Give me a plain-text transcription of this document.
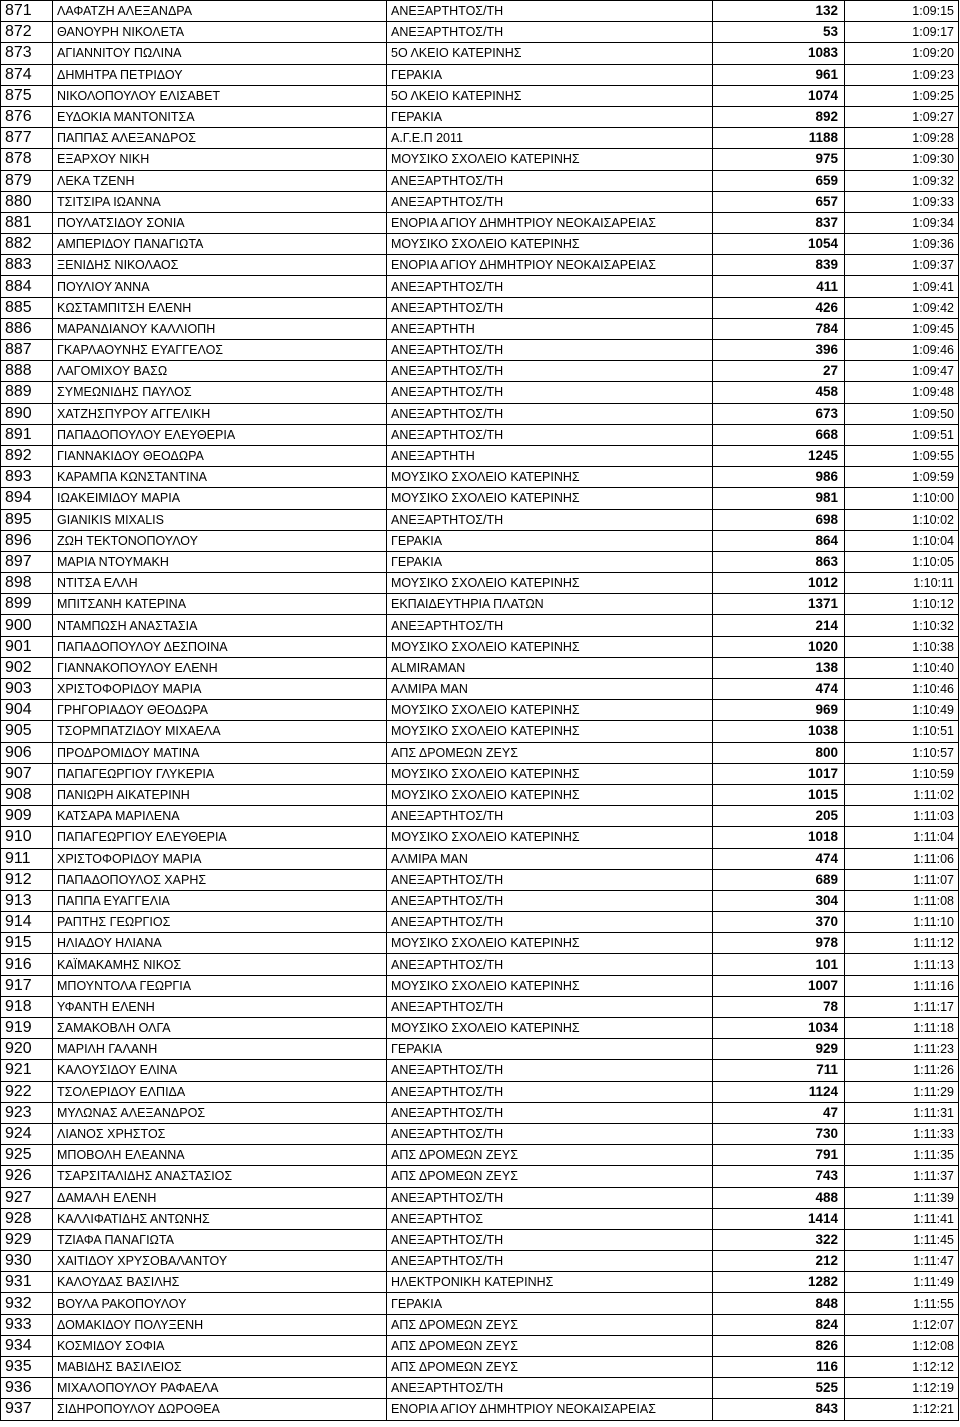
871	ΛΑΦΑΤΖΗ ΑΛΕΞΑΝΔΡΑ	ΑΝΕΞΑΡΤΗΤΟΣ/ΤΗ	132	1:09:15
872	ΘΑΝΟΥΡΗ ΝΙΚΟΛΕΤΑ	ΑΝΕΞΑΡΤΗΤΟΣ/ΤΗ	53	1:09:17
873	ΑΓΙΑΝΝΙΤΟΥ ΠΩΛΙΝΑ	5Ο ΛΚΕΙΟ ΚΑΤΕΡΙΝΗΣ	1083	1:09:20
874	ΔΗΜΗΤΡΑ ΠΕΤΡΙΔΟΥ	ΓΕΡΑΚΙΑ	961	1:09:23
875	ΝΙΚΟΛΟΠΟΥΛΟΥ ΕΛΙΣΑΒΕΤ	5Ο ΛΚΕΙΟ ΚΑΤΕΡΙΝΗΣ	1074	1:09:25
876	ΕΥΔΟΚΙΑ ΜΑΝΤΟΝΙΤΣΑ	ΓΕΡΑΚΙΑ	892	1:09:27
877	ΠΑΠΠΑΣ ΑΛΕΞΑΝΔΡΟΣ	Α.Γ.Ε.Π 2011	1188	1:09:28
878	ΕΞΑΡΧΟΥ ΝΙΚΗ	ΜΟΥΣΙΚΟ ΣΧΟΛΕΙΟ ΚΑΤΕΡΙΝΗΣ	975	1:09:30
879	ΛΕΚΑ ΤΖΕΝΗ	ΑΝΕΞΑΡΤΗΤΟΣ/ΤΗ	659	1:09:32
880	ΤΣΙΤΣΙΡΑ ΙΩΑΝΝΑ	ΑΝΕΞΑΡΤΗΤΟΣ/ΤΗ	657	1:09:33
881	ΠΟΥΛΑΤΣΙΔΟΥ ΣΟΝΙΑ	ΕΝΟΡΙΑ ΑΓΙΟΥ ΔΗΜΗΤΡΙΟΥ ΝΕΟΚΑΙΣΑΡΕΙΑΣ	837	1:09:34
882	ΑΜΠΕΡΙΔΟΥ ΠΑΝΑΓΙΩΤΑ	ΜΟΥΣΙΚΟ ΣΧΟΛΕΙΟ ΚΑΤΕΡΙΝΗΣ	1054	1:09:36
883	ΞΕΝΙΔΗΣ ΝΙΚΟΛΑΟΣ	ΕΝΟΡΙΑ ΑΓΙΟΥ ΔΗΜΗΤΡΙΟΥ ΝΕΟΚΑΙΣΑΡΕΙΑΣ	839	1:09:37
884	ΠΟΥΛΙΟΥ ΆΝΝΑ	ΑΝΕΞΑΡΤΗΤΟΣ/ΤΗ	411	1:09:41
885	ΚΩΣΤΑΜΠΙΤΣΗ ΕΛΕΝΗ	ΑΝΕΞΑΡΤΗΤΟΣ/ΤΗ	426	1:09:42
886	ΜΑΡΑΝΔΙΑΝΟΥ ΚΑΛΛΙΟΠΗ	ΑΝΕΞΑΡΤΗΤΗ	784	1:09:45
887	ΓΚΑΡΛΑΟΥΝΗΣ ΕΥΑΓΓΕΛΟΣ	ΑΝΕΞΑΡΤΗΤΟΣ/ΤΗ	396	1:09:46
888	ΛΑΓΟΜΙΧΟΥ ΒΑΣΩ	ΑΝΕΞΑΡΤΗΤΟΣ/ΤΗ	27	1:09:47
889	ΣΥΜΕΩΝΙΔΗΣ ΠΑΥΛΟΣ	ΑΝΕΞΑΡΤΗΤΟΣ/ΤΗ	458	1:09:48
890	ΧΑΤΖΗΣΠΥΡΟΥ ΑΓΓΕΛΙΚΗ	ΑΝΕΞΑΡΤΗΤΟΣ/ΤΗ	673	1:09:50
891	ΠΑΠΑΔΟΠΟΥΛΟΥ ΕΛΕΥΘΕΡΙΑ	ΑΝΕΞΑΡΤΗΤΟΣ/ΤΗ	668	1:09:51
892	ΓΙΑΝΝΑΚΙΔΟΥ ΘΕΟΔΩΡΑ	ΑΝΕΞΑΡΤΗΤΗ	1245	1:09:55
893	ΚΑΡΑΜΠΑ ΚΩΝΣΤΑΝΤΙΝΑ	ΜΟΥΣΙΚΟ ΣΧΟΛΕΙΟ ΚΑΤΕΡΙΝΗΣ	986	1:09:59
894	ΙΩΑΚΕΙΜΙΔΟΥ ΜΑΡΙΑ	ΜΟΥΣΙΚΟ ΣΧΟΛΕΙΟ ΚΑΤΕΡΙΝΗΣ	981	1:10:00
895	GIANIKIS MIXALIS	ΑΝΕΞΑΡΤΗΤΟΣ/ΤΗ	698	1:10:02
896	ΖΩΗ ΤΕΚΤΟΝΟΠΟΥΛΟΥ	ΓΕΡΑΚΙΑ	864	1:10:04
897	ΜΑΡΙΑ ΝΤΟΥΜΑΚΗ	ΓΕΡΑΚΙΑ	863	1:10:05
898	ΝΤΙΤΣΑ ΕΛΛΗ	ΜΟΥΣΙΚΟ ΣΧΟΛΕΙΟ ΚΑΤΕΡΙΝΗΣ	1012	1:10:11
899	ΜΠΙΤΣΑΝΗ ΚΑΤΕΡΙΝΑ	ΕΚΠΑΙΔΕΥΤΗΡΙΑ ΠΛΑΤΩΝ	1371	1:10:12
900	ΝΤΑΜΠΩΣΗ ΑΝΑΣΤΑΣΙΑ	ΑΝΕΞΑΡΤΗΤΟΣ/ΤΗ	214	1:10:32
901	ΠΑΠΑΔΟΠΟΥΛΟΥ ΔΕΣΠΟΙΝΑ	ΜΟΥΣΙΚΟ ΣΧΟΛΕΙΟ ΚΑΤΕΡΙΝΗΣ	1020	1:10:38
902	ΓΙΑΝΝΑΚΟΠΟΥΛΟΥ ΕΛΕΝΗ	ALMIRAMAN	138	1:10:40
903	ΧΡΙΣΤΟΦΟΡΙΔΟΥ ΜΑΡΙΑ	ΑΛΜΙΡΑ ΜΑΝ	474	1:10:46
904	ΓΡΗΓΟΡΙΑΔΟΥ ΘΕΟΔΩΡΑ	ΜΟΥΣΙΚΟ ΣΧΟΛΕΙΟ ΚΑΤΕΡΙΝΗΣ	969	1:10:49
905	ΤΣΟΡΜΠΑΤΖΙΔΟΥ ΜΙΧΑΕΛΑ	ΜΟΥΣΙΚΟ ΣΧΟΛΕΙΟ ΚΑΤΕΡΙΝΗΣ	1038	1:10:51
906	ΠΡΟΔΡΟΜΙΔΟΥ ΜΑΤΙΝΑ	ΑΠΣ ΔΡΟΜΕΩΝ ΖΕΥΣ	800	1:10:57
907	ΠΑΠΑΓΕΩΡΓΙΟΥ ΓΛΥΚΕΡΙΑ	ΜΟΥΣΙΚΟ ΣΧΟΛΕΙΟ ΚΑΤΕΡΙΝΗΣ	1017	1:10:59
908	ΠΑΝΙΩΡΗ ΑΙΚΑΤΕΡΙΝΗ	ΜΟΥΣΙΚΟ ΣΧΟΛΕΙΟ ΚΑΤΕΡΙΝΗΣ	1015	1:11:02
909	ΚΑΤΣΑΡΑ ΜΑΡΙΛΕΝΑ	ΑΝΕΞΑΡΤΗΤΟΣ/ΤΗ	205	1:11:03
910	ΠΑΠΑΓΕΩΡΓΙΟΥ ΕΛΕΥΘΕΡΙΑ	ΜΟΥΣΙΚΟ ΣΧΟΛΕΙΟ ΚΑΤΕΡΙΝΗΣ	1018	1:11:04
911	ΧΡΙΣΤΟΦΟΡΙΔΟΥ ΜΑΡΙΑ	ΑΛΜΙΡΑ ΜΑΝ	474	1:11:06
912	ΠΑΠΑΔΟΠΟΥΛΟΣ ΧΑΡΗΣ	ΑΝΕΞΑΡΤΗΤΟΣ/ΤΗ	689	1:11:07
913	ΠΑΠΠΑ ΕΥΑΓΓΕΛΙΑ	ΑΝΕΞΑΡΤΗΤΟΣ/ΤΗ	304	1:11:08
914	ΡΑΠΤΗΣ ΓΕΩΡΓΙΟΣ	ΑΝΕΞΑΡΤΗΤΟΣ/ΤΗ	370	1:11:10
915	ΗΛΙΑΔΟΥ ΗΛΙΑΝΑ	ΜΟΥΣΙΚΟ ΣΧΟΛΕΙΟ ΚΑΤΕΡΙΝΗΣ	978	1:11:12
916	ΚΑΪΜΑΚΑΜΗΣ ΝΙΚΟΣ	ΑΝΕΞΑΡΤΗΤΟΣ/ΤΗ	101	1:11:13
917	ΜΠΟΥΝΤΟΛΑ ΓΕΩΡΓΙΑ	ΜΟΥΣΙΚΟ ΣΧΟΛΕΙΟ ΚΑΤΕΡΙΝΗΣ	1007	1:11:16
918	ΥΦΑΝΤΗ ΕΛΕΝΗ	ΑΝΕΞΑΡΤΗΤΟΣ/ΤΗ	78	1:11:17
919	ΣΑΜΑΚΟΒΛΗ ΟΛΓΑ	ΜΟΥΣΙΚΟ ΣΧΟΛΕΙΟ ΚΑΤΕΡΙΝΗΣ	1034	1:11:18
920	ΜΑΡΙΛΗ ΓΑΛΑΝΗ	ΓΕΡΑΚΙΑ	929	1:11:23
921	ΚΑΛΟΥΣΙΔΟΥ ΕΛΙΝΑ	ΑΝΕΞΑΡΤΗΤΟΣ/ΤΗ	711	1:11:26
922	ΤΣΟΛΕΡΙΔΟΥ ΕΛΠΙΔΑ	ΑΝΕΞΑΡΤΗΤΟΣ/ΤΗ	1124	1:11:29
923	ΜΥΛΩΝΑΣ ΑΛΕΞΑΝΔΡΟΣ	ΑΝΕΞΑΡΤΗΤΟΣ/ΤΗ	47	1:11:31
924	ΛΙΑΝΟΣ ΧΡΗΣΤΟΣ	ΑΝΕΞΑΡΤΗΤΟΣ/ΤΗ	730	1:11:33
925	ΜΠΟΒΟΛΗ ΕΛΕΑΝΝΑ	ΑΠΣ ΔΡΟΜΕΩΝ ΖΕΥΣ	791	1:11:35
926	ΤΣΑΡΣΙΤΑΛΙΔΗΣ ΑΝΑΣΤΑΣΙΟΣ	ΑΠΣ ΔΡΟΜΕΩΝ ΖΕΥΣ	743	1:11:37
927	ΔΑΜΑΛΗ ΕΛΕΝΗ	ΑΝΕΞΑΡΤΗΤΟΣ/ΤΗ	488	1:11:39
928	ΚΑΛΛΙΦΑΤΙΔΗΣ ΑΝΤΩΝΗΣ	ΑΝΕΞΑΡΤΗΤΟΣ	1414	1:11:41
929	ΤΖΙΑΦΑ ΠΑΝΑΓΙΩΤΑ	ΑΝΕΞΑΡΤΗΤΟΣ/ΤΗ	322	1:11:45
930	ΧΑΙΤΙΔΟΥ ΧΡΥΣΟΒΑΛΑΝΤΟΥ	ΑΝΕΞΑΡΤΗΤΟΣ/ΤΗ	212	1:11:47
931	ΚΑΛΟΥΔΑΣ ΒΑΣΙΛΗΣ	ΗΛΕΚΤΡΟΝΙΚΗ ΚΑΤΕΡΙΝΗΣ	1282	1:11:49
932	ΒΟΥΛΑ ΡΑΚΟΠΟΥΛΟΥ	ΓΕΡΑΚΙΑ	848	1:11:55
933	ΔΟΜΑΚΙΔΟΥ ΠΟΛΥΞΕΝΗ	ΑΠΣ ΔΡΟΜΕΩΝ ΖΕΥΣ	824	1:12:07
934	ΚΟΣΜΙΔΟΥ ΣΟΦΙΑ	ΑΠΣ ΔΡΟΜΕΩΝ ΖΕΥΣ	826	1:12:08
935	ΜΑΒΙΔΗΣ ΒΑΣΙΛΕΙΟΣ	ΑΠΣ ΔΡΟΜΕΩΝ ΖΕΥΣ	116	1:12:12
936	ΜΙΧΑΛΟΠΟΥΛΟΥ ΡΑΦΑΕΛΑ	ΑΝΕΞΑΡΤΗΤΟΣ/ΤΗ	525	1:12:19
937	ΣΙΔΗΡΟΠΟΥΛΟΥ ΔΩΡΟΘΕΑ	ΕΝΟΡΙΑ ΑΓΙΟΥ ΔΗΜΗΤΡΙΟΥ ΝΕΟΚΑΙΣΑΡΕΙΑΣ	843	1:12:21
